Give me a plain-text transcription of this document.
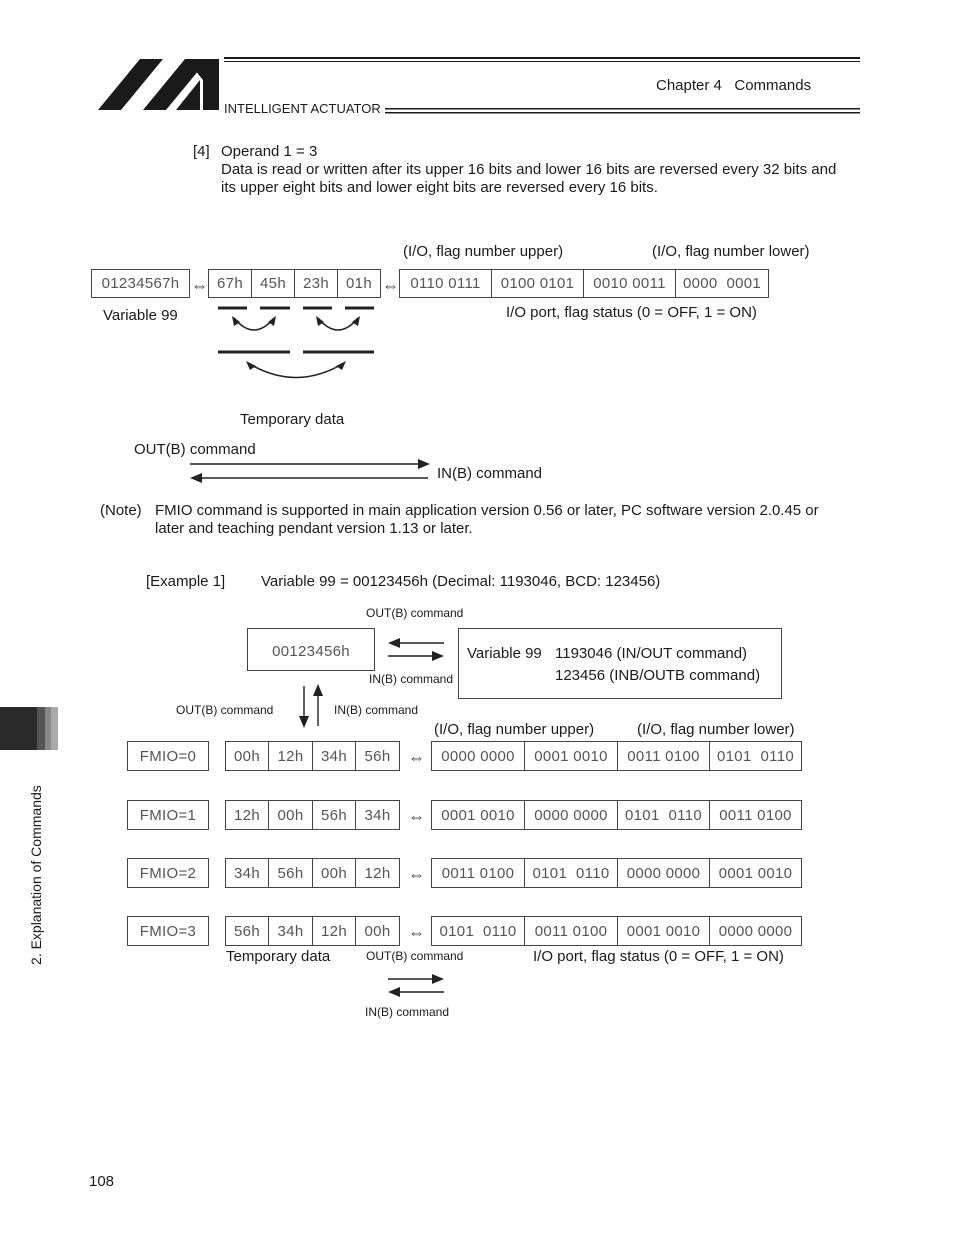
INTELLIGENT ACTUATOR
Chapter 4   Commands
[4] Operand 1 = 3
Data is read or written after its upper 16 bits and lower 16 bits are reversed every 32 bits and
its upper eight bits and lower eight bits are reversed every 16 bits.
(I/O, flag number upper)	(I/O, flag number lower)
01234567h ⇔ 67h	45h	23h	01h ⇔ 0110 0111	0100 0101	0010 0011	0000  0001
Variable 99	I/O port, flag status (0 = OFF, 1 = ON)
Temporary data
OUT(B) command
IN(B) command
(Note) FMIO command is supported in main application version 0.56 or later, PC software version 2.0.45 or
later and teaching pendant version 1.13 or later.
[Example 1] Variable 99 = 00123456h (Decimal: 1193046, BCD: 123456)
OUT(B) command
00123456h
IN(B) command
Variable 99 1193046 (IN/OUT command)
123456 (INB/OUTB command)
OUT(B) command	IN(B) command
(I/O, flag number upper)	(I/O, flag number lower)
FMIO=0	00h	12h	34h	56h	⇔	0000 0000	0001 0010	0011 0100	0101  0110
FMIO=1	12h	00h	56h	34h	⇔	0001 0010	0000 0000	0101  0110	0011 0100
FMIO=2	34h	56h	00h	12h	⇔	0011 0100	0101  0110	0000 0000	0001 0010
FMIO=3	56h	34h	12h	00h	⇔ 0101  0110	0011 0100	0001 0010	0000 0000
Temporary data	OUT(B) command	I/O port, flag status (0 = OFF, 1 = ON)
IN(B) command
2. Explanation of Commands
108
